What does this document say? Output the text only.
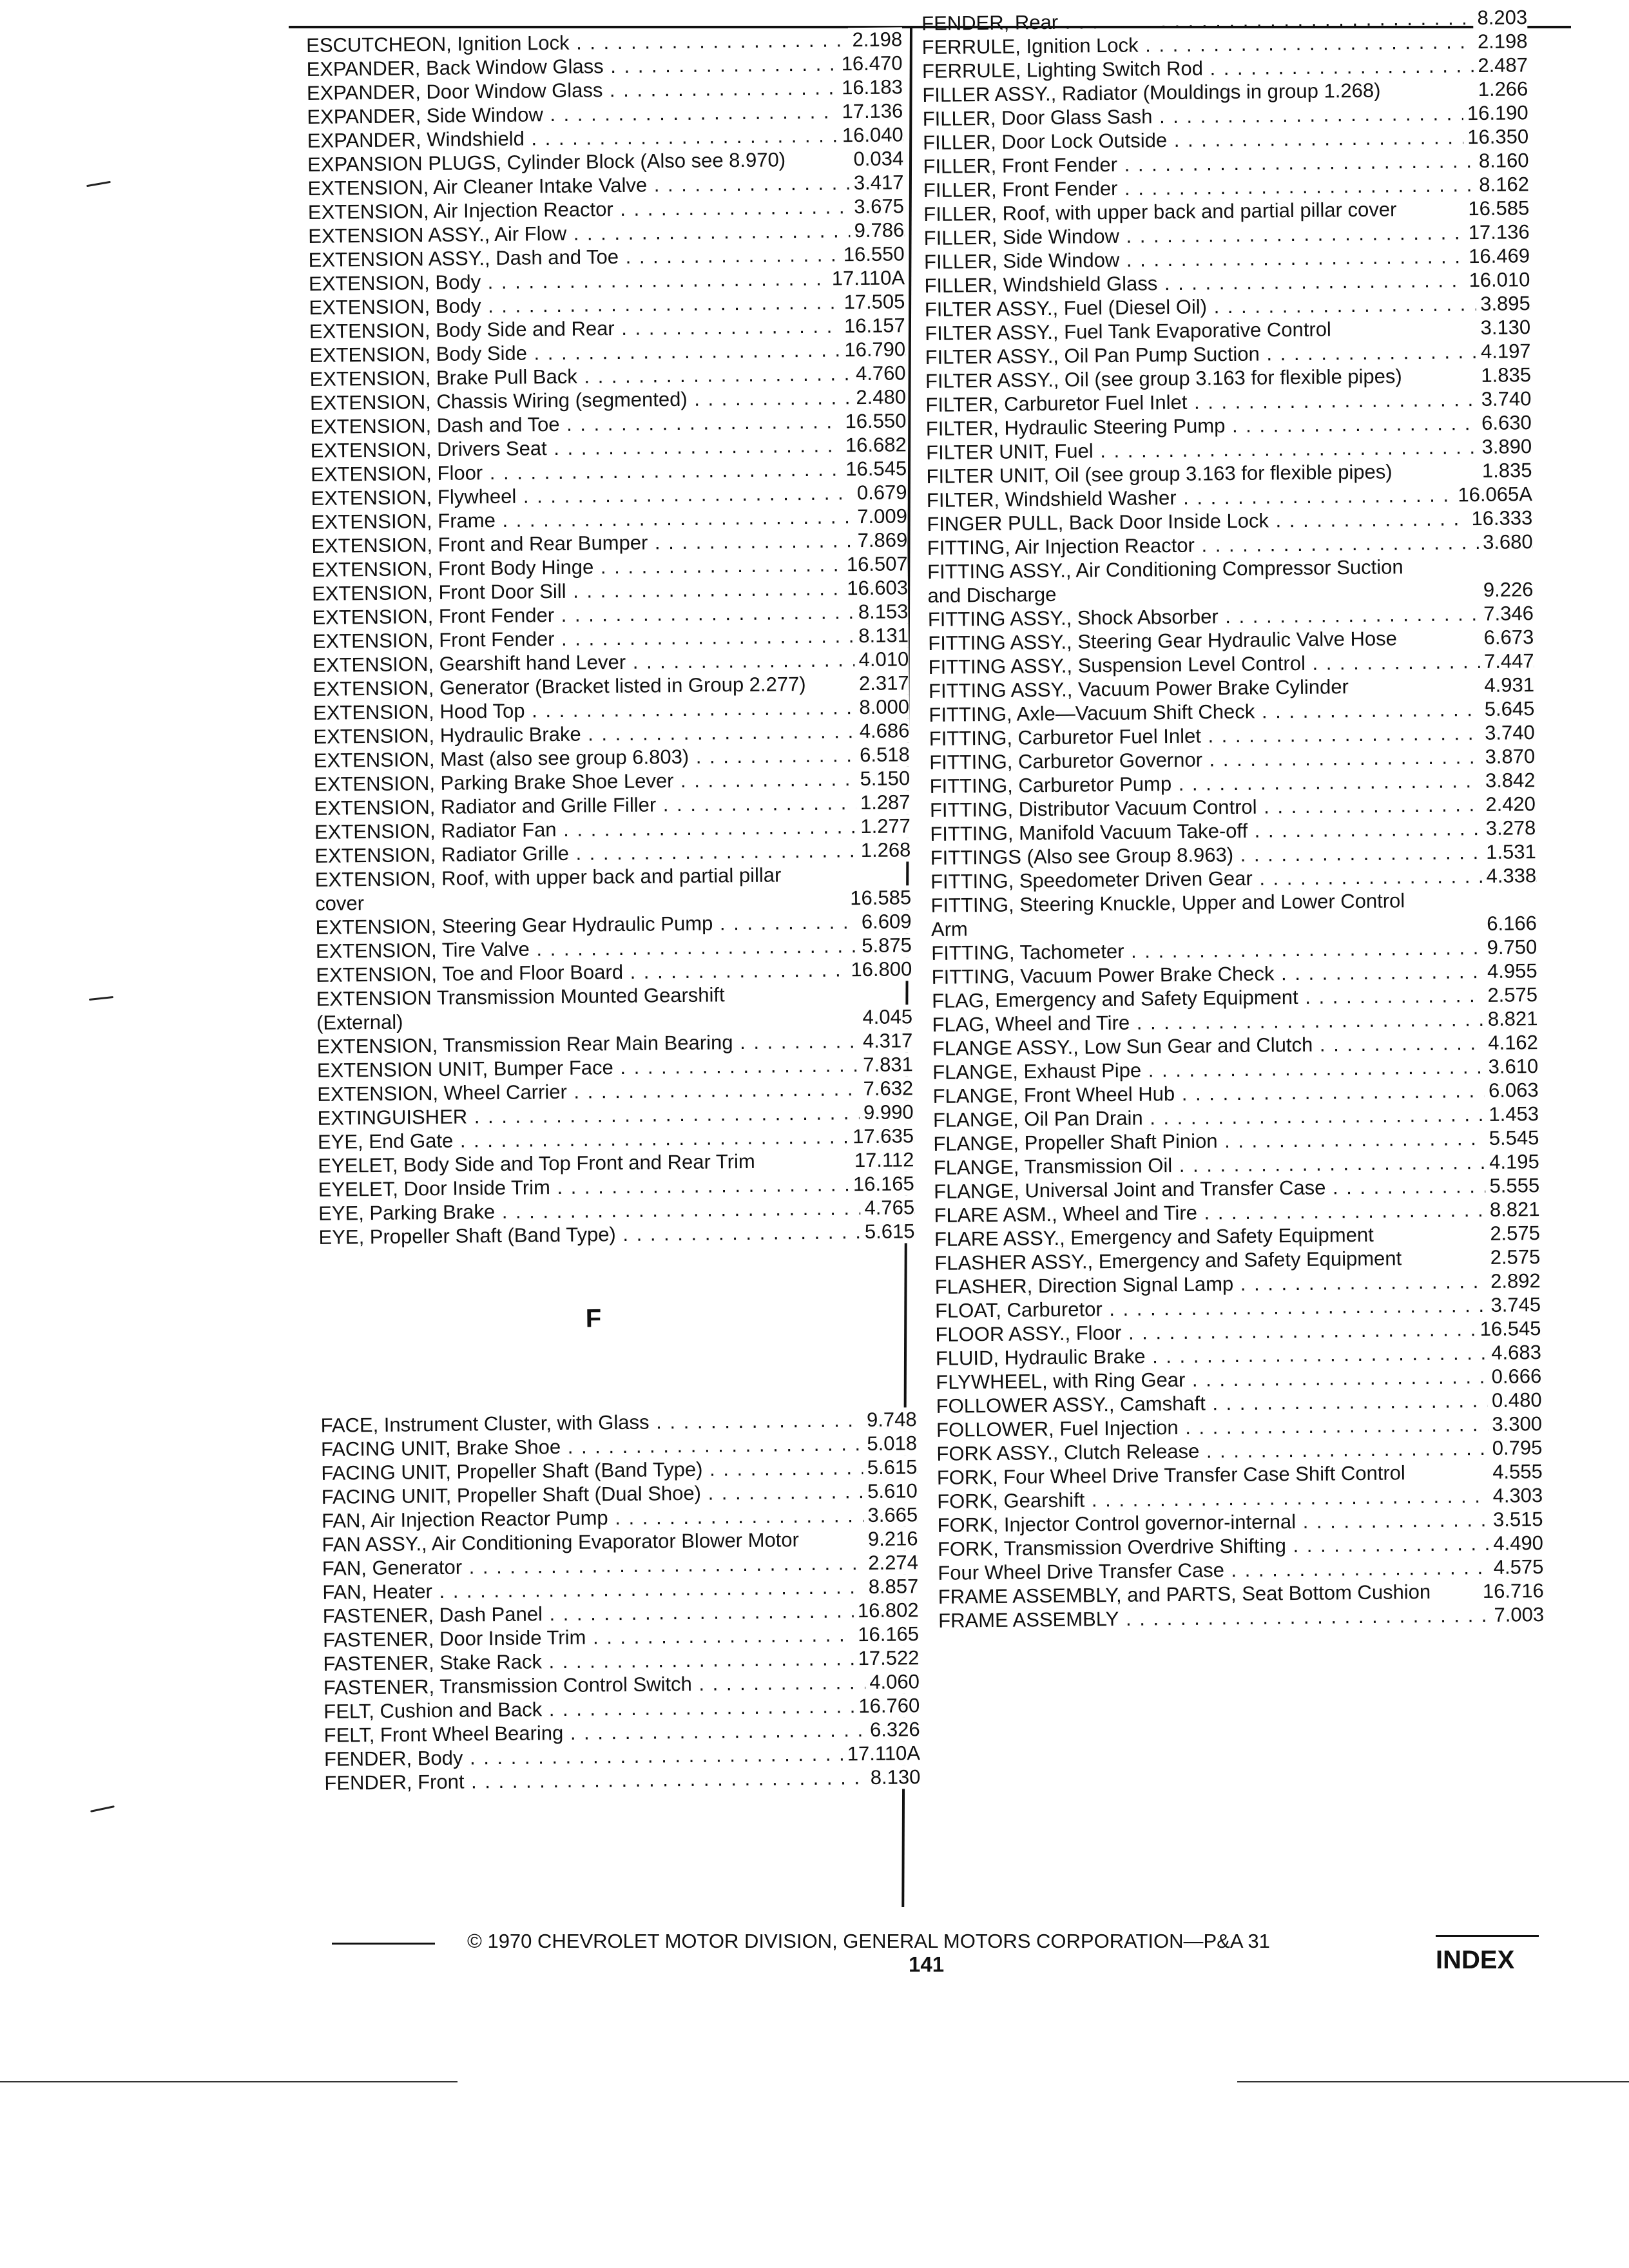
ESCUTCHEON, Ignition Lock . . .	2.198
EXPANDER, Back Window Glass . . .	16.470
EXPANDER, Door Window Glass . . .	16.183
EXPANDER, Side Window . . .	17.136
EXPANDER, Windshield . . .	16.040
EXPANSION PLUGS, Cylinder Block (Also see 8.970)	0.034
EXTENSION, Air Cleaner Intake Valve . . .	3.417
EXTENSION, Air Injection Reactor . . .	3.675
EXTENSION ASSY., Air Flow . . .	9.786
EXTENSION ASSY., Dash and Toe . . .	16.550
EXTENSION, Body . . .	17.110A
EXTENSION, Body . . .	17.505
EXTENSION, Body Side and Rear . . .	16.157
EXTENSION, Body Side . . .	16.790
EXTENSION, Brake Pull Back . . .	4.760
EXTENSION, Chassis Wiring (segmented) . . .	2.480
EXTENSION, Dash and Toe . . .	16.550
EXTENSION, Drivers Seat . . .	16.682
EXTENSION, Floor . . .	16.545
EXTENSION, Flywheel . . .	0.679
EXTENSION, Frame . . .	7.009
EXTENSION, Front and Rear Bumper . . .	7.869
EXTENSION, Front Body Hinge . . .	16.507
EXTENSION, Front Door Sill . . .	16.603
EXTENSION, Front Fender . . .	8.153
EXTENSION, Front Fender . . .	8.131
EXTENSION, Gearshift hand Lever . . .	4.010
EXTENSION, Generator (Bracket listed in Group 2.277)	2.317
EXTENSION, Hood Top . . .	8.000
EXTENSION, Hydraulic Brake . . .	4.686
EXTENSION, Mast (also see group 6.803) . . .	6.518
EXTENSION, Parking Brake Shoe Lever . . .	5.150
EXTENSION, Radiator and Grille Filler . . .	1.287
EXTENSION, Radiator Fan . . .	1.277
EXTENSION, Radiator Grille . . .	1.268
EXTENSION, Roof, with upper back and partial pillar cover	16.585
EXTENSION, Steering Gear Hydraulic Pump . . .	6.609
EXTENSION, Tire Valve . . .	5.875
EXTENSION, Toe and Floor Board . . .	16.800
EXTENSION Transmission Mounted Gearshift (External)	4.045
EXTENSION, Transmission Rear Main Bearing . . .	4.317
EXTENSION UNIT, Bumper Face . . .	7.831
EXTENSION, Wheel Carrier . . .	7.632
EXTINGUISHER . . .	9.990
EYE, End Gate . . .	17.635
EYELET, Body Side and Top Front and Rear Trim	17.112
EYELET, Door Inside Trim . . .	16.165
EYE, Parking Brake . . .	4.765
EYE, Propeller Shaft (Band Type) . . .	5.615
F
FACE, Instrument Cluster, with Glass . . .	9.748
FACING UNIT, Brake Shoe . . .	5.018
FACING UNIT, Propeller Shaft (Band Type) . . .	5.615
FACING UNIT, Propeller Shaft (Dual Shoe) . . .	5.610
FAN, Air Injection Reactor Pump . . .	3.665
FAN ASSY., Air Conditioning Evaporator Blower Motor	9.216
FAN, Generator . . .	2.274
FAN, Heater . . .	8.857
FASTENER, Dash Panel . . .	16.802
FASTENER, Door Inside Trim . . .	16.165
FASTENER, Stake Rack . . .	17.522
FASTENER, Transmission Control Switch . . .	4.060
FELT, Cushion and Back . . .	16.760
FELT, Front Wheel Bearing . . .	6.326
FENDER, Body . . .	17.110A
FENDER, Front . . .	8.130
FENDER, Rear . . .	8.203
FERRULE, Ignition Lock . . .	2.198
FERRULE, Lighting Switch Rod . . .	2.487
FILLER ASSY., Radiator (Mouldings in group 1.268)	1.266
FILLER, Door Glass Sash . . .	16.190
FILLER, Door Lock Outside . . .	16.350
FILLER, Front Fender . . .	8.160
FILLER, Front Fender . . .	8.162
FILLER, Roof, with upper back and partial pillar cover	16.585
FILLER, Side Window . . .	17.136
FILLER, Side Window . . .	16.469
FILLER, Windshield Glass . . .	16.010
FILTER ASSY., Fuel (Diesel Oil) . . .	3.895
FILTER ASSY., Fuel Tank Evaporative Control	3.130
FILTER ASSY., Oil Pan Pump Suction . . .	4.197
FILTER ASSY., Oil (see group 3.163 for flexible pipes)	1.835
FILTER, Carburetor Fuel Inlet . . .	3.740
FILTER, Hydraulic Steering Pump . . .	6.630
FILTER UNIT, Fuel . . .	3.890
FILTER UNIT, Oil (see group 3.163 for flexible pipes)	1.835
FILTER, Windshield Washer . . .	16.065A
FINGER PULL, Back Door Inside Lock . . .	16.333
FITTING, Air Injection Reactor . . .	3.680
FITTING ASSY., Air Conditioning Compressor Suction and Discharge	9.226
FITTING ASSY., Shock Absorber . . .	7.346
FITTING ASSY., Steering Gear Hydraulic Valve Hose	6.673
FITTING ASSY., Suspension Level Control . . .	7.447
FITTING ASSY., Vacuum Power Brake Cylinder	4.931
FITTING, Axle—Vacuum Shift Check . . .	5.645
FITTING, Carburetor Fuel Inlet . . .	3.740
FITTING, Carburetor Governor . . .	3.870
FITTING, Carburetor Pump . . .	3.842
FITTING, Distributor Vacuum Control . . .	2.420
FITTING, Manifold Vacuum Take-off . . .	3.278
FITTINGS (Also see Group 8.963) . . .	1.531
FITTING, Speedometer Driven Gear . . .	4.338
FITTING, Steering Knuckle, Upper and Lower Control Arm	6.166
FITTING, Tachometer . . .	9.750
FITTING, Vacuum Power Brake Check . . .	4.955
FLAG, Emergency and Safety Equipment . . .	2.575
FLAG, Wheel and Tire . . .	8.821
FLANGE ASSY., Low Sun Gear and Clutch . . .	4.162
FLANGE, Exhaust Pipe . . .	3.610
FLANGE, Front Wheel Hub . . .	6.063
FLANGE, Oil Pan Drain . . .	1.453
FLANGE, Propeller Shaft Pinion . . .	5.545
FLANGE, Transmission Oil . . .	4.195
FLANGE, Universal Joint and Transfer Case . . .	5.555
FLARE ASM., Wheel and Tire . . .	8.821
FLARE ASSY., Emergency and Safety Equipment	2.575
FLASHER ASSY., Emergency and Safety Equipment	2.575
FLASHER, Direction Signal Lamp . . .	2.892
FLOAT, Carburetor . . .	3.745
FLOOR ASSY., Floor . . .	16.545
FLUID, Hydraulic Brake . . .	4.683
FLYWHEEL, with Ring Gear . . .	0.666
FOLLOWER ASSY., Camshaft . . .	0.480
FOLLOWER, Fuel Injection . . .	3.300
FORK ASSY., Clutch Release . . .	0.795
FORK, Four Wheel Drive Transfer Case Shift Control	4.555
FORK, Gearshift . . .	4.303
FORK, Injector Control governor-internal . . .	3.515
FORK, Transmission Overdrive Shifting . . .	4.490
Four Wheel Drive Transfer Case . . .	4.575
FRAME ASSEMBLY, and PARTS, Seat Bottom Cushion	16.716
FRAME ASSEMBLY . . .	7.003
© 1970 CHEVROLET MOTOR DIVISION, GENERAL MOTORS CORPORATION—P&A 31
141	INDEX
